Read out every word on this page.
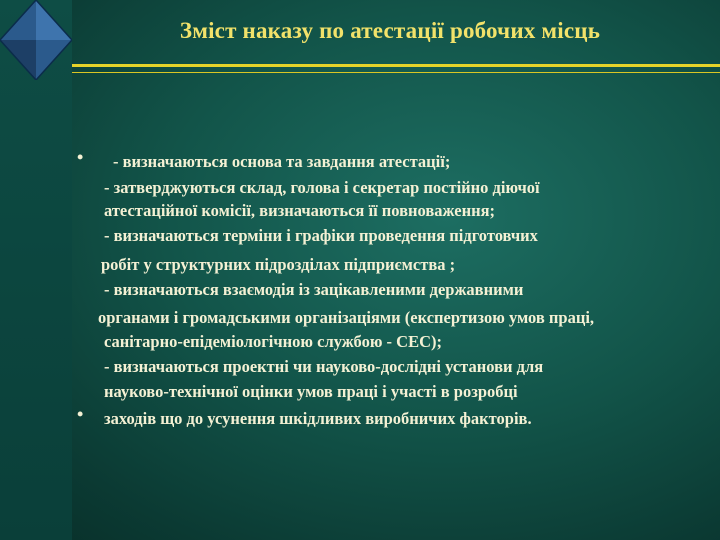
Зміст наказу по атестації робочих місць
•
•
- визначаються основа та завдання атестації;
- затверджуються склад, голова і секретар постійно діючої
атестаційної комісії, визначаються її повноваження;
- визначаються терміни і графіки проведення підготовчих
робіт у структурних підрозділах підприємства ;
- визначаються взаємодія із зацікавленими державними
органами і громадськими організаціями (експертизою умов праці,
санітарно-епідеміологічною службою - СЕС);
- визначаються проектні чи науково-дослідні установи для
науково-технічної оцінки умов праці і участі в розробці
заходів що до усунення шкідливих виробничих факторів.
